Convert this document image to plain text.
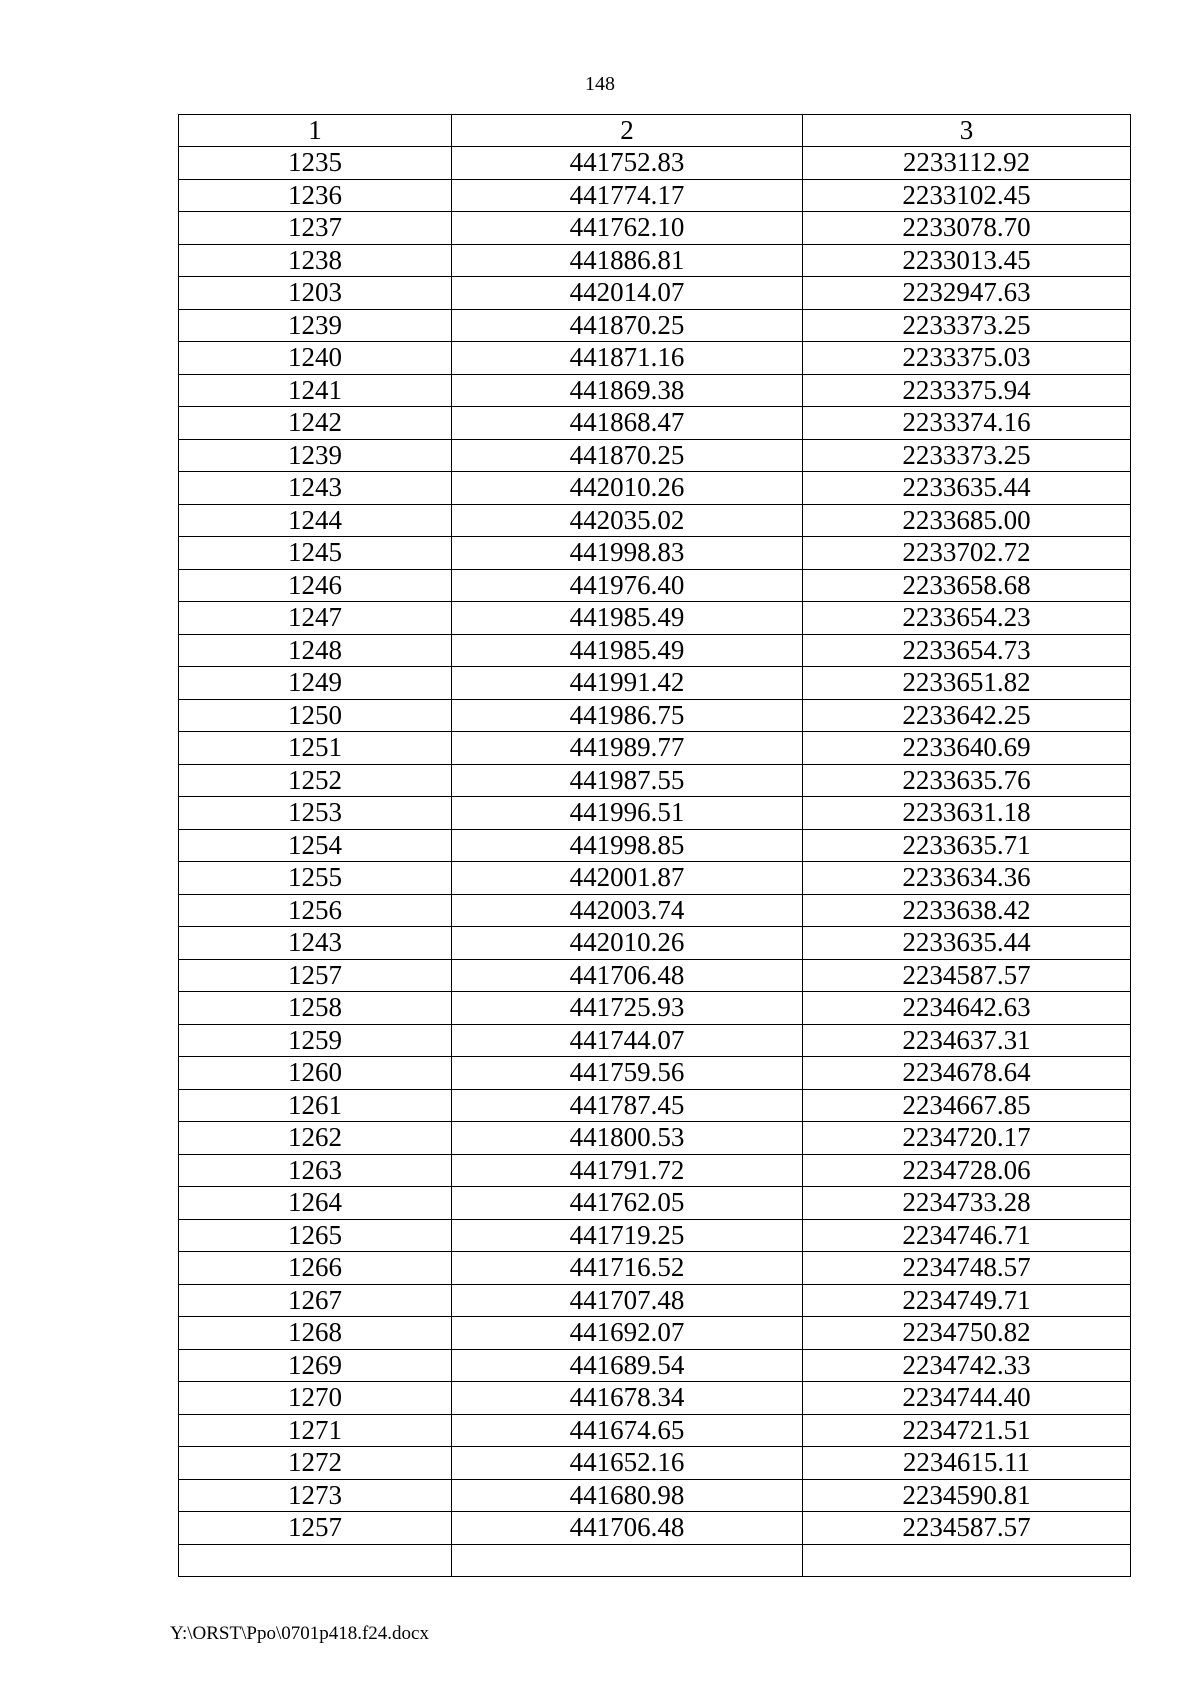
148
1	2	3
1235	441752.83	2233112.92
1236	441774.17	2233102.45
1237	441762.10	2233078.70
1238	441886.81	2233013.45
1203	442014.07	2232947.63
1239	441870.25	2233373.25
1240	441871.16	2233375.03
1241	441869.38	2233375.94
1242	441868.47	2233374.16
1239	441870.25	2233373.25
1243	442010.26	2233635.44
1244	442035.02	2233685.00
1245	441998.83	2233702.72
1246	441976.40	2233658.68
1247	441985.49	2233654.23
1248	441985.49	2233654.73
1249	441991.42	2233651.82
1250	441986.75	2233642.25
1251	441989.77	2233640.69
1252	441987.55	2233635.76
1253	441996.51	2233631.18
1254	441998.85	2233635.71
1255	442001.87	2233634.36
1256	442003.74	2233638.42
1243	442010.26	2233635.44
1257	441706.48	2234587.57
1258	441725.93	2234642.63
1259	441744.07	2234637.31
1260	441759.56	2234678.64
1261	441787.45	2234667.85
1262	441800.53	2234720.17
1263	441791.72	2234728.06
1264	441762.05	2234733.28
1265	441719.25	2234746.71
1266	441716.52	2234748.57
1267	441707.48	2234749.71
1268	441692.07	2234750.82
1269	441689.54	2234742.33
1270	441678.34	2234744.40
1271	441674.65	2234721.51
1272	441652.16	2234615.11
1273	441680.98	2234590.81
1257	441706.48	2234587.57

Y:\ORST\Ppo\0701p418.f24.docx
